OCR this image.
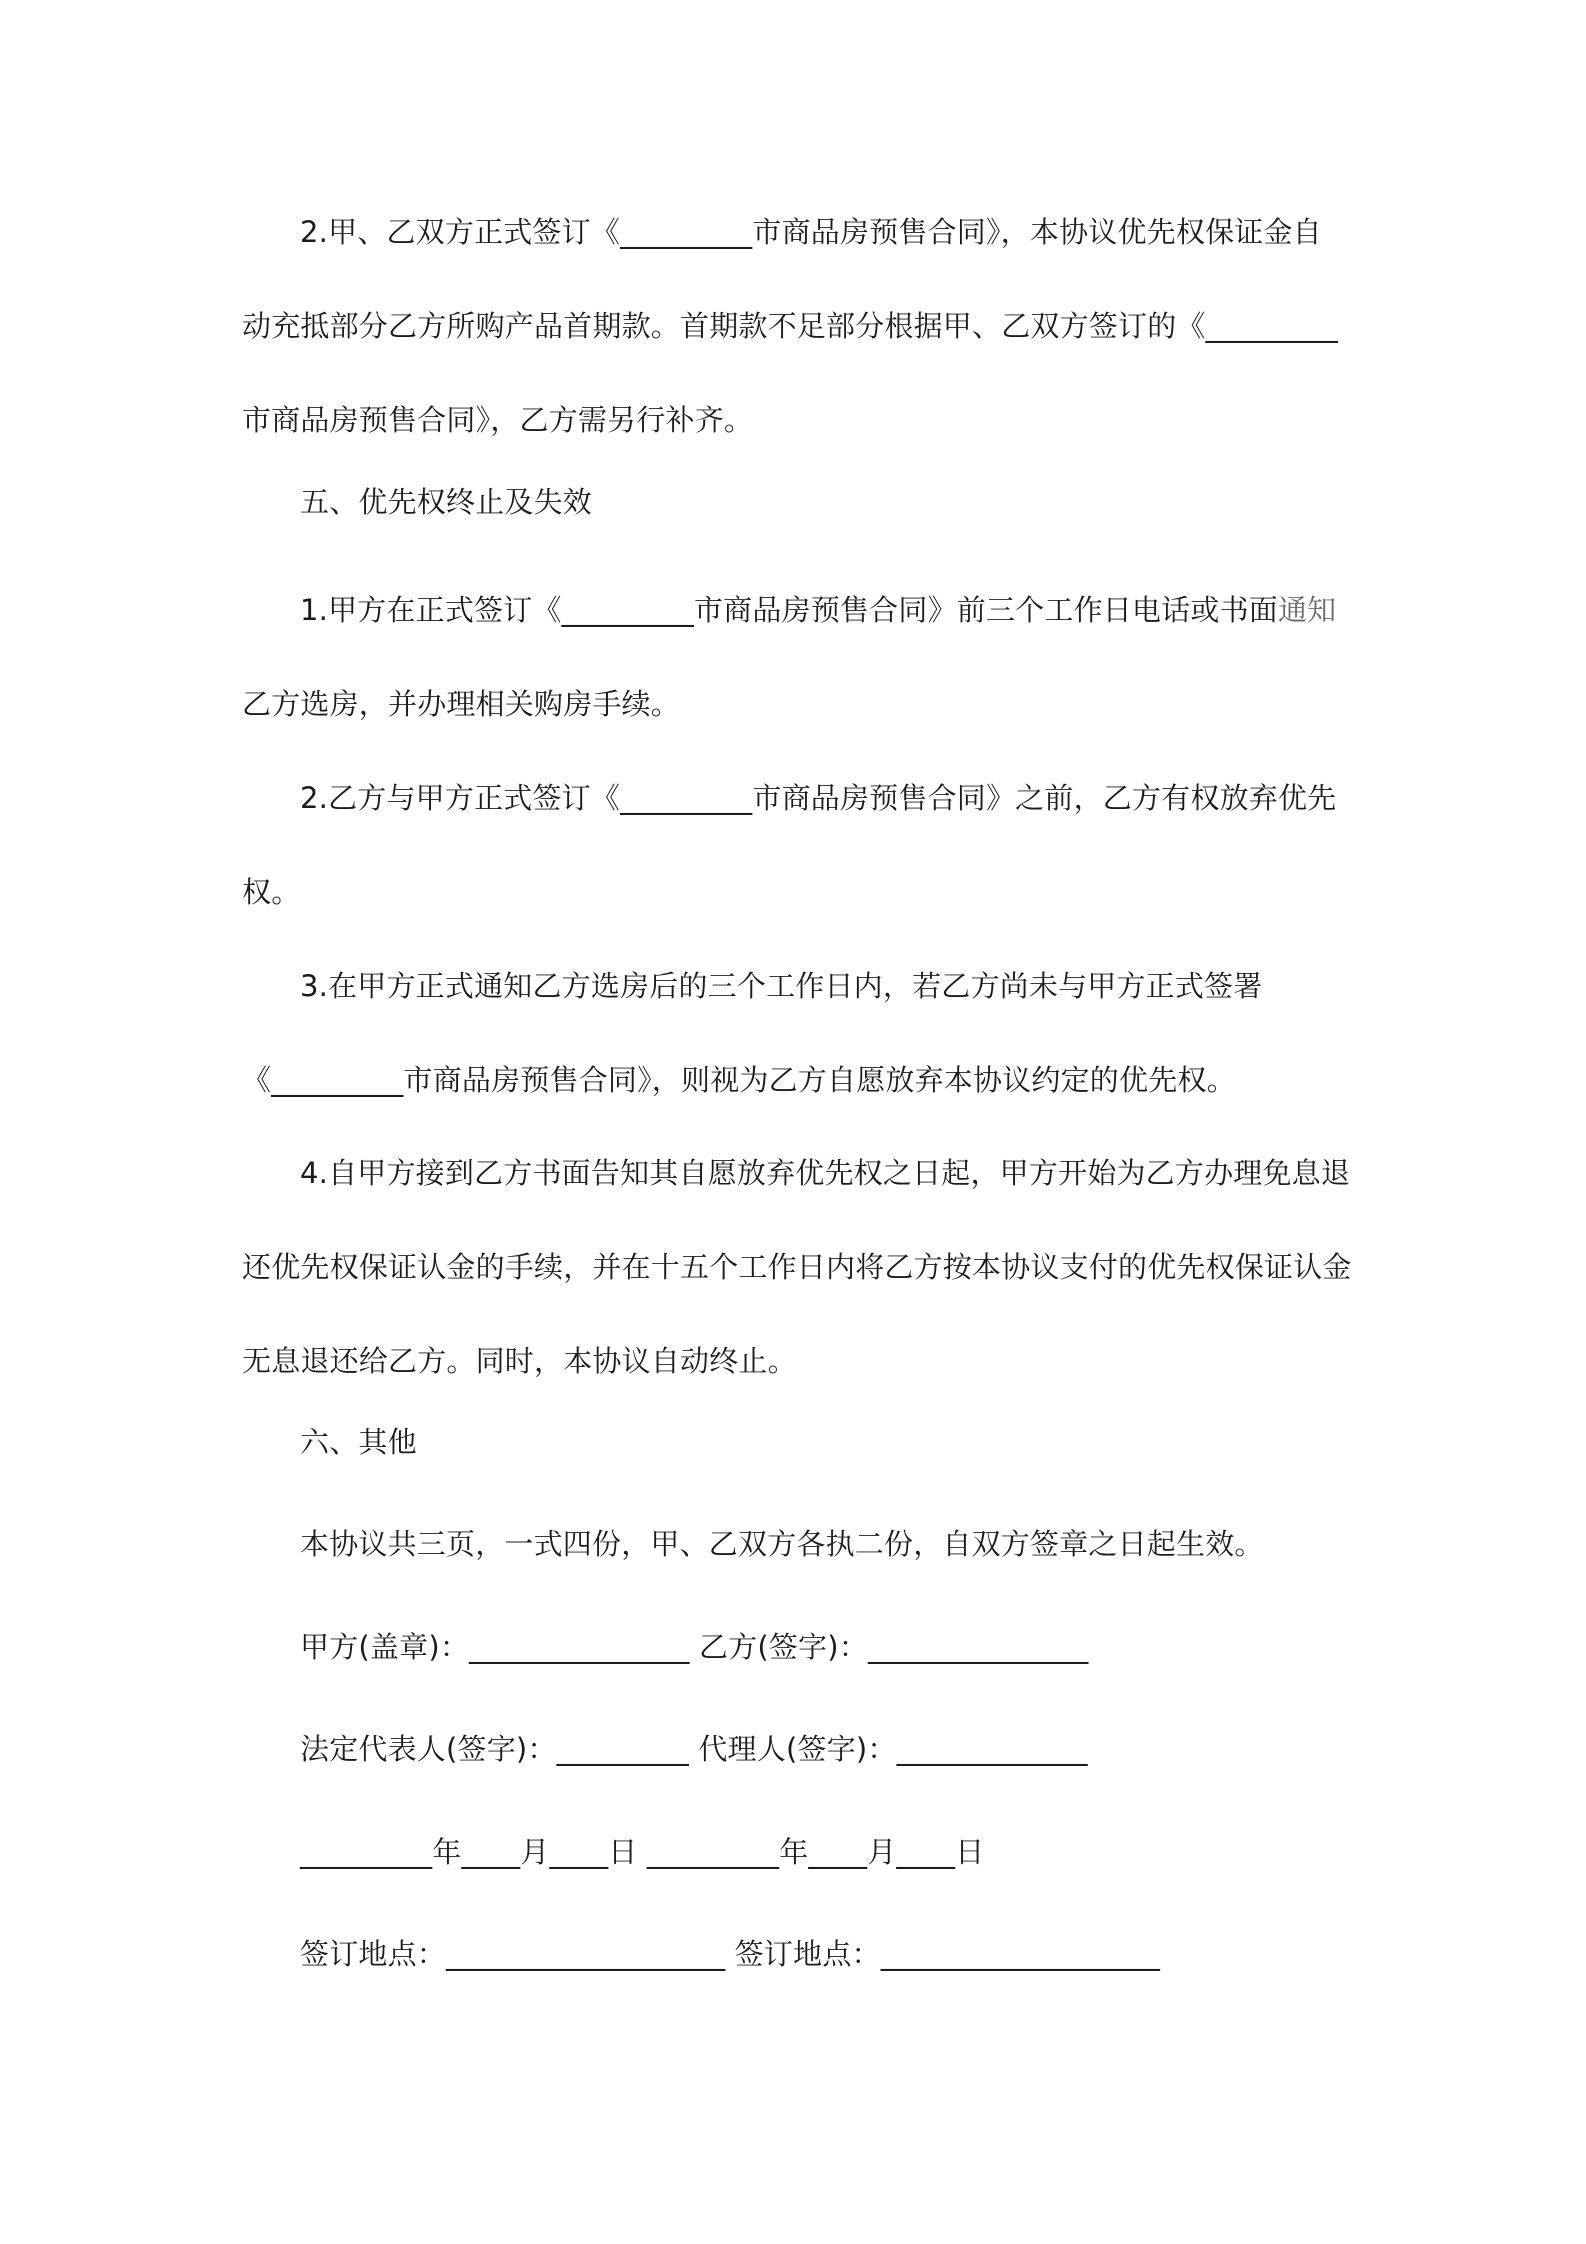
2.甲、乙双方正式签订《_________市商品房预售合同》，本协议优先权保证金自
动充抵部分乙方所购产品首期款。首期款不足部分根据甲、乙双方签订的《_________
市商品房预售合同》，乙方需另行补齐。
五、优先权终止及失效
1.甲方在正式签订《_________市商品房预售合同》前三个工作日电话或书面通知
乙方选房，并办理相关购房手续。
2.乙方与甲方正式签订《_________市商品房预售合同》之前，乙方有权放弃优先
权。
3.在甲方正式通知乙方选房后的三个工作日内，若乙方尚未与甲方正式签署
《_________市商品房预售合同》，则视为乙方自愿放弃本协议约定的优先权。
4.自甲方接到乙方书面告知其自愿放弃优先权之日起，甲方开始为乙方办理免息退
还优先权保证认金的手续，并在十五个工作日内将乙方按本协议支付的优先权保证认金
无息退还给乙方。同时，本协议自动终止。
六、其他
本协议共三页，一式四份，甲、乙双方各执二份，自双方签章之日起生效。
甲方(盖章)：_______________ 乙方(签字)：_______________
法定代表人(签字)：_________ 代理人(签字)：_____________
_________年____月____日 _________年____月____日
签订地点：___________________ 签订地点：___________________
